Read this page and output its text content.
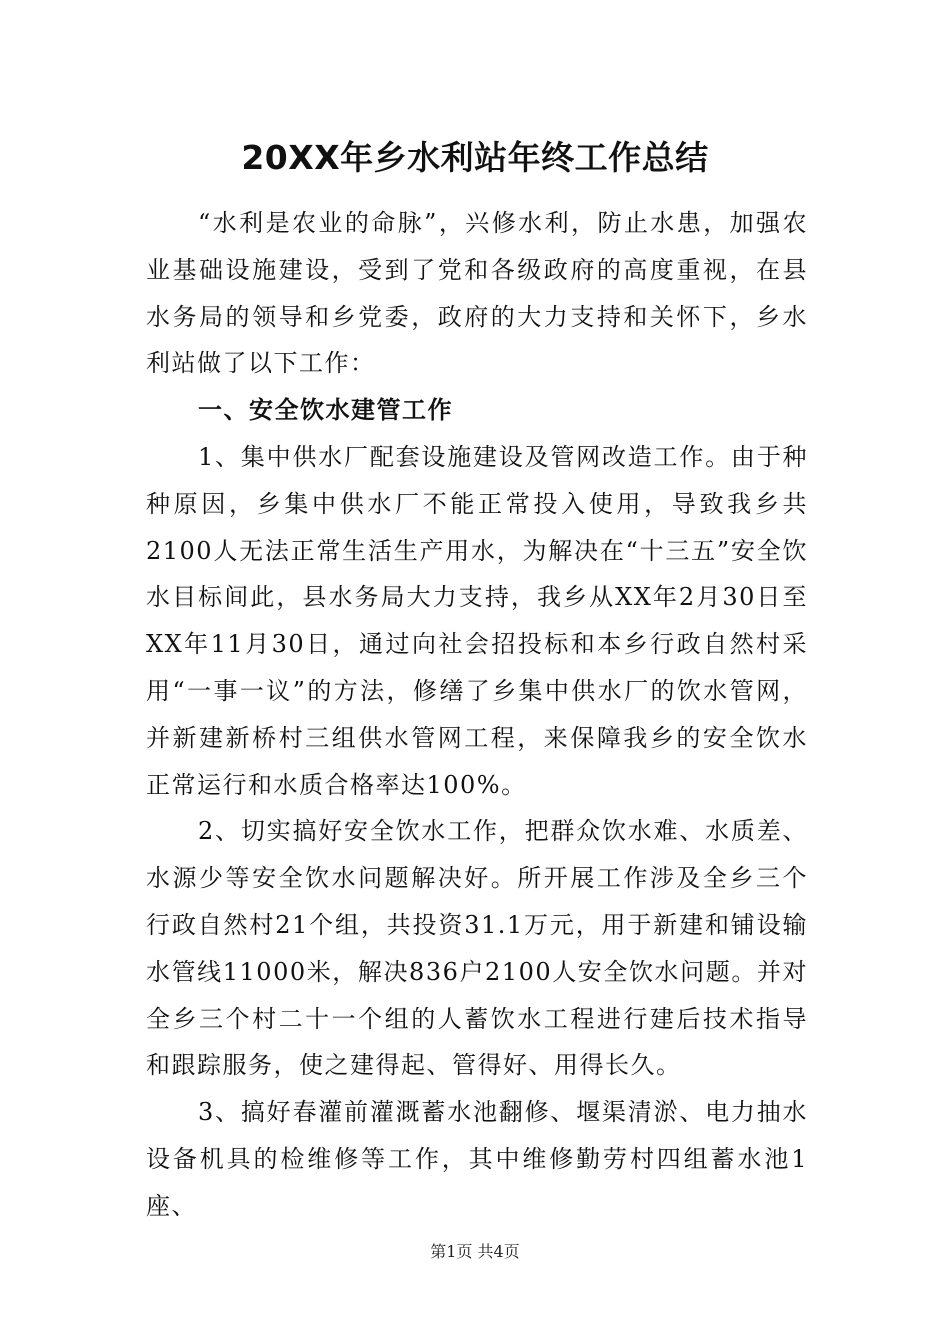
20XX年乡水利站年终工作总结

“水利是农业的命脉”，兴修水利，防止水患，加强农业基础设施建设，受到了党和各级政府的高度重视，在县水务局的领导和乡党委，政府的大力支持和关怀下，乡水利站做了以下工作：

一、安全饮水建管工作

1、集中供水厂配套设施建设及管网改造工作。由于种种原因，乡集中供水厂不能正常投入使用，导致我乡共2100人无法正常生活生产用水，为解决在“十三五”安全饮水目标间此，县水务局大力支持，我乡从XX年2月30日至XX年11月30日，通过向社会招投标和本乡行政自然村采用“一事一议”的方法，修缮了乡集中供水厂的饮水管网，并新建新桥村三组供水管网工程，来保障我乡的安全饮水正常运行和水质合格率达100%。

2、切实搞好安全饮水工作，把群众饮水难、水质差、水源少等安全饮水问题解决好。所开展工作涉及全乡三个行政自然村21个组，共投资31.1万元，用于新建和铺设输水管线11000米，解决836户2100人安全饮水问题。并对全乡三个村二十一个组的人蓄饮水工程进行建后技术指导和跟踪服务，使之建得起、管得好、用得长久。

3、搞好春灌前灌溉蓄水池翻修、堰渠清淤、电力抽水设备机具的检维修等工作，其中维修勤劳村四组蓄水池1座、

第1页 共4页
